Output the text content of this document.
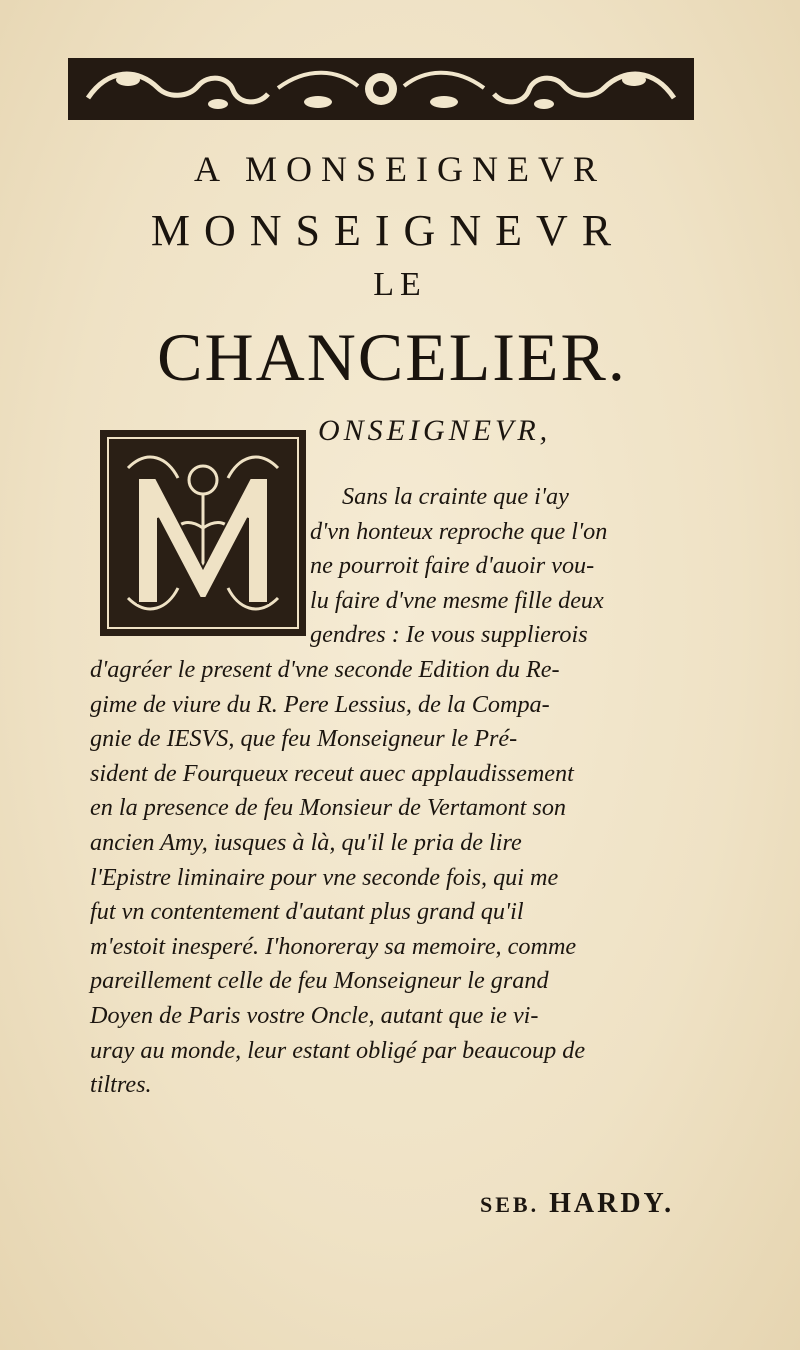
A MONSEIGNEVR
MONSEIGNEVR
LE
CHANCELIER.
ONSEIGNEVR,
Sans la crainte que i'ay
d'vn honteux reproche que l'on
ne pourroit faire d'auoir vou-
lu faire d'vne mesme fille deux
gendres : Ie vous supplierois
d'agréer le present d'vne seconde Edition du Re-
gime de viure du R. Pere Lessius, de la Compa-
gnie de IESVS, que feu Monseigneur le Pré-
sident de Fourqueux receut auec applaudissement
en la presence de feu Monsieur de Vertamont son
ancien Amy, iusques à là, qu'il le pria de lire
l'Epistre liminaire pour vne seconde fois, qui me
fut vn contentement d'autant plus grand qu'il
m'estoit inesperé. I'honoreray sa memoire, comme
pareillement celle de feu Monseigneur le grand
Doyen de Paris vostre Oncle, autant que ie vi-
uray au monde, leur estant obligé par beaucoup de
tiltres.
SEB. HARDY.
